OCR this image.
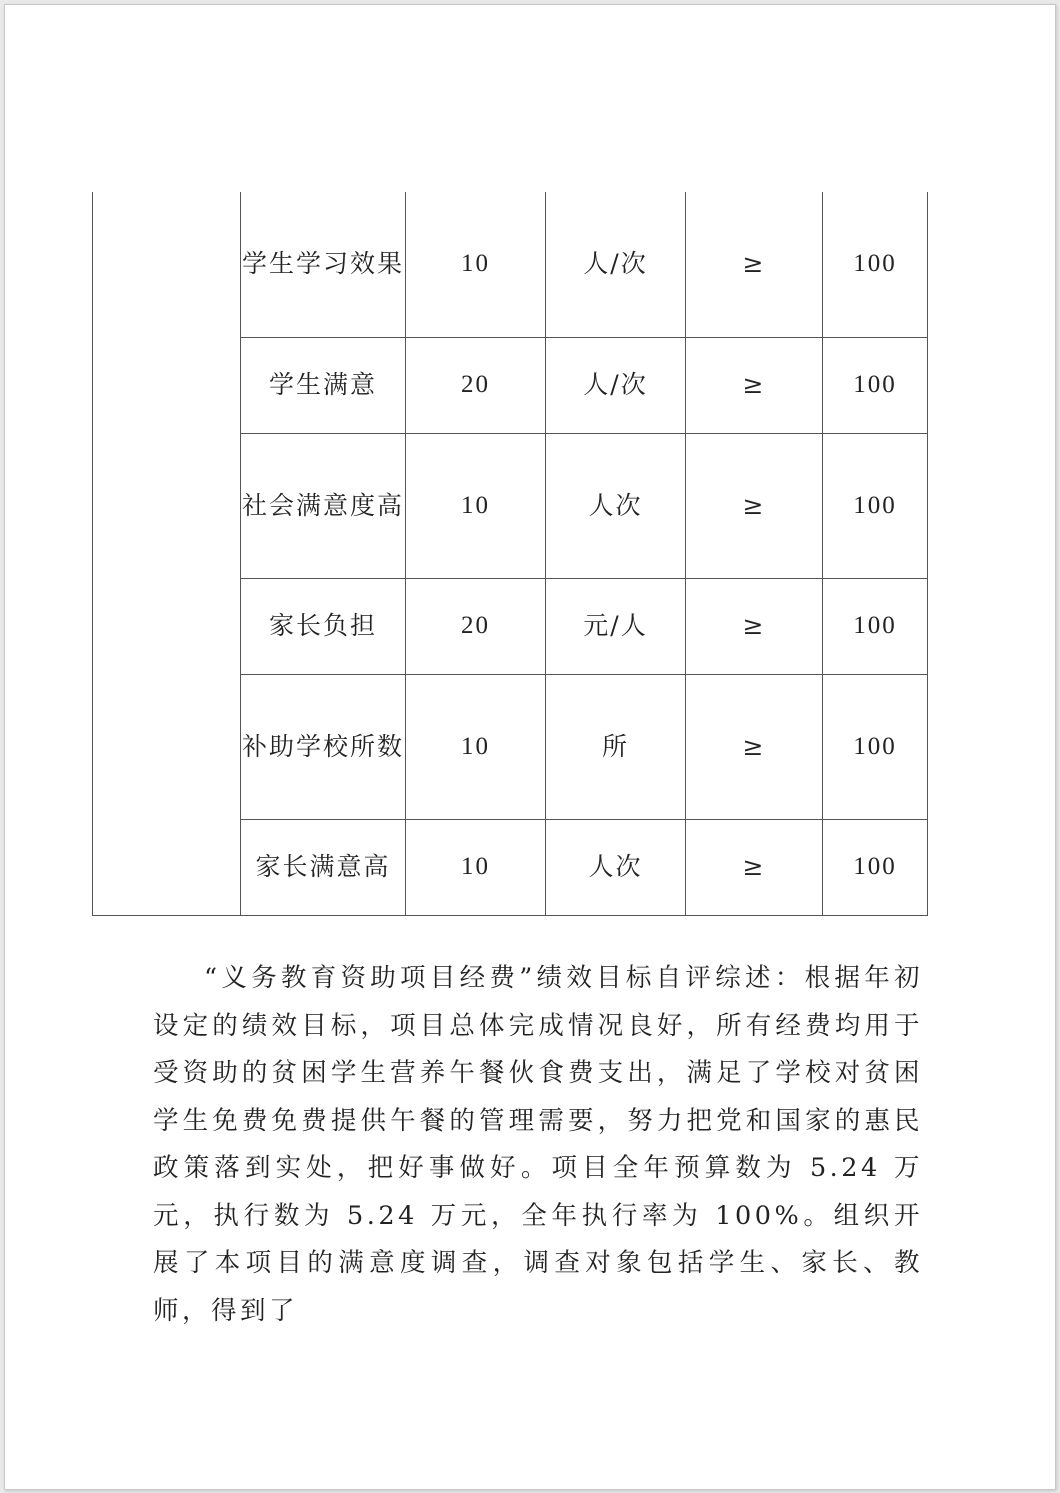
	学生学习效果	10	人/次	≥	100
	学生满意	20	人/次	≥	100
	社会满意度高	10	人次	≥	100
	家长负担	20	元/人	≥	100
	补助学校所数	10	所	≥	100
	家长满意高	10	人次	≥	100

“义务教育资助项目经费”绩效目标自评综述：根据年初设定的绩效目标，项目总体完成情况良好，所有经费均用于受资助的贫困学生营养午餐伙食费支出，满足了学校对贫困学生免费免费提供午餐的管理需要，努力把党和国家的惠民政策落到实处，把好事做好。项目全年预算数为 5.24 万元，执行数为 5.24 万元，全年执行率为 100%。组织开展了本项目的满意度调查，调查对象包括学生、家长、教师，得到了
